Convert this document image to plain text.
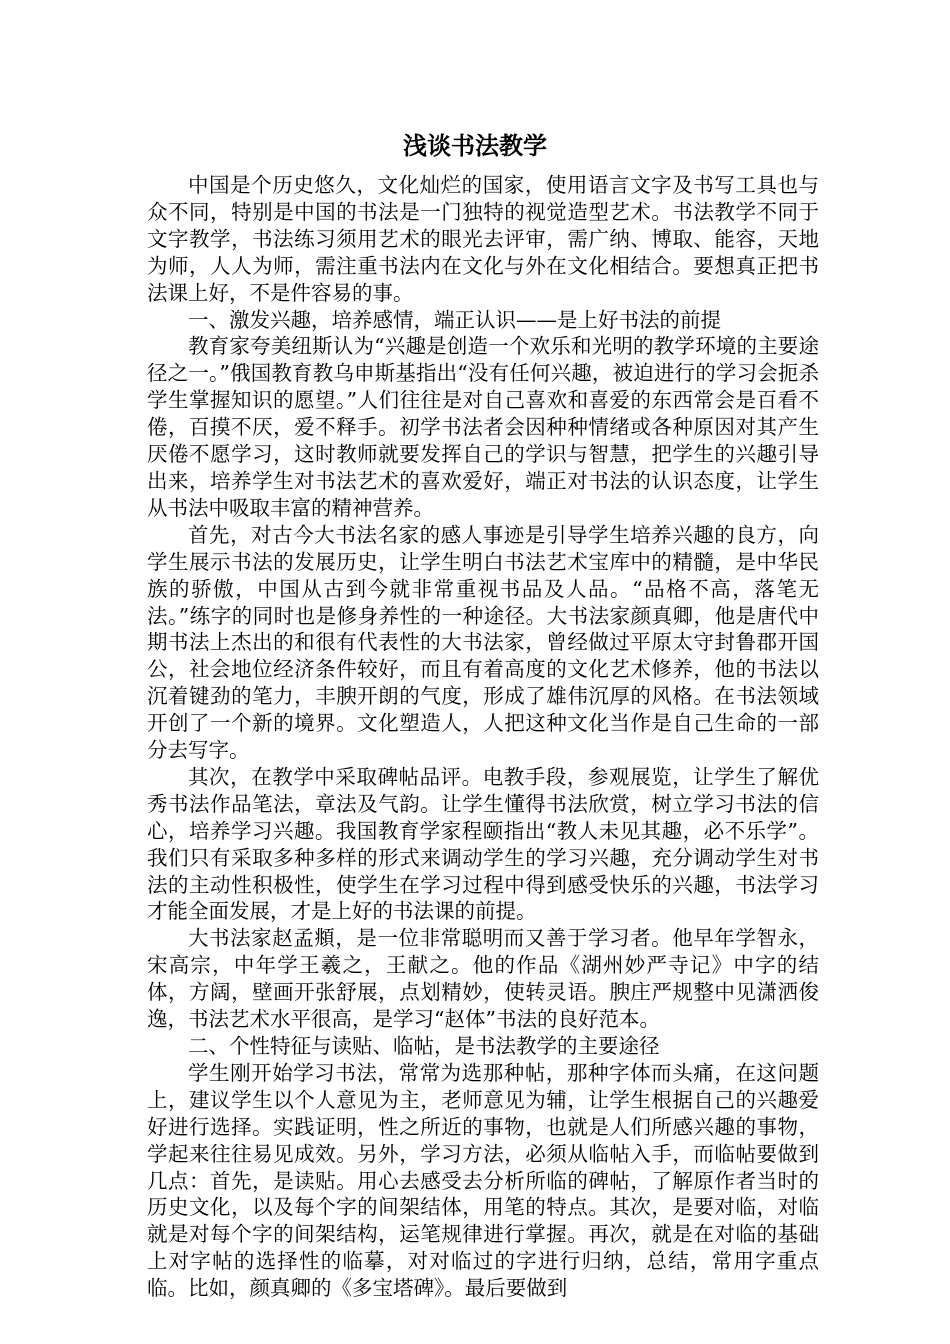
浅谈书法教学

中国是个历史悠久，文化灿烂的国家，使用语言文字及书写工具也与众不同，特别是中国的书法是一门独特的视觉造型艺术。书法教学不同于文字教学，书法练习须用艺术的眼光去评审，需广纳、博取、能容，天地为师，人人为师，需注重书法内在文化与外在文化相结合。要想真正把书法课上好，不是件容易的事。

一、激发兴趣，培养感情，端正认识——是上好书法的前提

教育家夸美纽斯认为“兴趣是创造一个欢乐和光明的教学环境的主要途径之一。”俄国教育教乌申斯基指出“没有任何兴趣，被迫进行的学习会扼杀学生掌握知识的愿望。”人们往往是对自己喜欢和喜爱的东西常会是百看不倦，百摸不厌，爱不释手。初学书法者会因种种情绪或各种原因对其产生厌倦不愿学习，这时教师就要发挥自己的学识与智慧，把学生的兴趣引导出来，培养学生对书法艺术的喜欢爱好，端正对书法的认识态度，让学生从书法中吸取丰富的精神营养。

首先，对古今大书法名家的感人事迹是引导学生培养兴趣的良方，向学生展示书法的发展历史，让学生明白书法艺术宝库中的精髓，是中华民族的骄傲，中国从古到今就非常重视书品及人品。“品格不高，落笔无法。”练字的同时也是修身养性的一种途径。大书法家颜真卿，他是唐代中期书法上杰出的和很有代表性的大书法家，曾经做过平原太守封鲁郡开国公，社会地位经济条件较好，而且有着高度的文化艺术修养，他的书法以沉着键劲的笔力，丰腴开朗的气度，形成了雄伟沉厚的风格。在书法领域开创了一个新的境界。文化塑造人，人把这种文化当作是自己生命的一部分去写字。

其次，在教学中采取碑帖品评。电教手段，参观展览，让学生了解优秀书法作品笔法，章法及气韵。让学生懂得书法欣赏，树立学习书法的信心，培养学习兴趣。我国教育学家程颐指出“教人未见其趣，必不乐学”。我们只有采取多种多样的形式来调动学生的学习兴趣，充分调动学生对书法的主动性积极性，使学生在学习过程中得到感受快乐的兴趣，书法学习才能全面发展，才是上好的书法课的前提。

大书法家赵孟頫，是一位非常聪明而又善于学习者。他早年学智永，宋高宗，中年学王羲之，王献之。他的作品《湖州妙严寺记》中字的结体，方阔，壁画开张舒展，点划精妙，使转灵语。腴庄严规整中见潇洒俊逸，书法艺术水平很高，是学习“赵体”书法的良好范本。

二、个性特征与读贴、临帖，是书法教学的主要途径

学生刚开始学习书法，常常为选那种帖，那种字体而头痛，在这问题上，建议学生以个人意见为主，老师意见为辅，让学生根据自己的兴趣爱好进行选择。实践证明，性之所近的事物，也就是人们所感兴趣的事物，学起来往往易见成效。另外，学习方法，必须从临帖入手，而临帖要做到几点：首先，是读贴。用心去感受去分析所临的碑帖，了解原作者当时的历史文化，以及每个字的间架结体，用笔的特点。其次，是要对临，对临就是对每个字的间架结构，运笔规律进行掌握。再次，就是在对临的基础上对字帖的选择性的临摹，对对临过的字进行归纳，总结，常用字重点临。比如，颜真卿的《多宝塔碑》。最后要做到
